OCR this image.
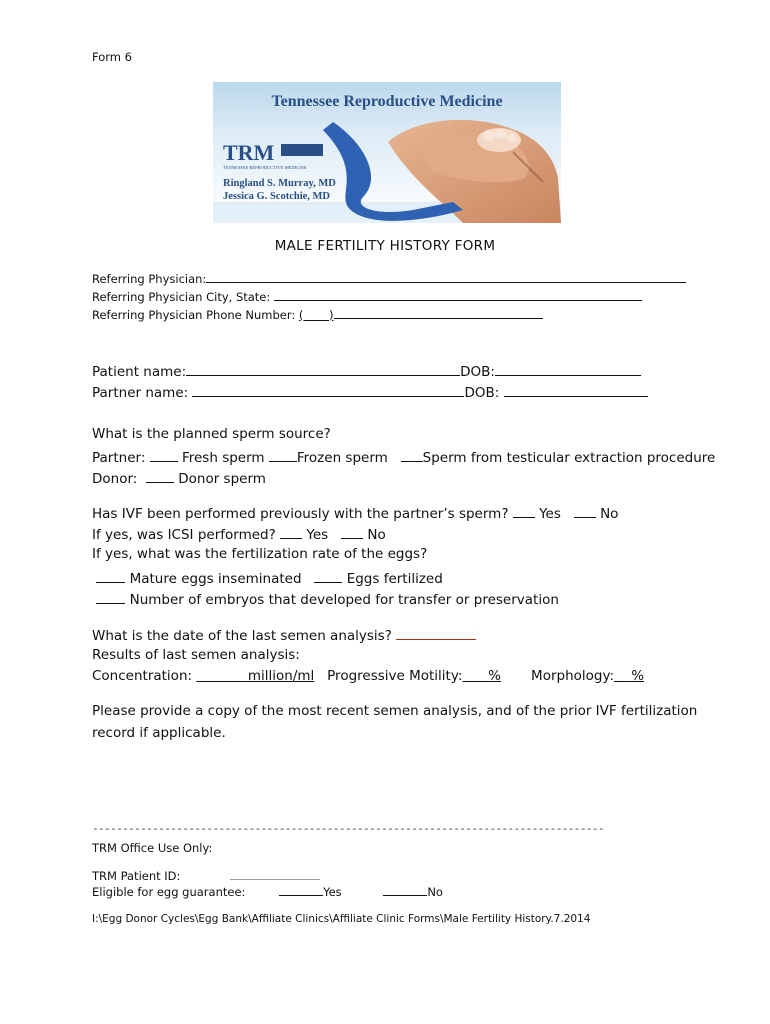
Form 6
Tennessee Reproductive Medicine
TRM
TENNESSEE REPRODUCTIVE MEDICINE
Ringland S. Murray, MD
Jessica G. Scotchie, MD
MALE FERTILITY HISTORY FORM
Referring Physician:
Referring Physician City, State:
Referring Physician Phone Number: ( )
Patient name:	DOB:
Partner name:	DOB:
What is the planned sperm source?
Partner:	Fresh sperm Frozen sperm	Sperm from testicular extraction procedure
Donor:	Donor sperm
Has IVF been performed previously with the partner’s sperm? Yes	No
If yes, was ICSI performed? Yes	No
If yes, what was the fertilization rate of the eggs?
Mature eggs inseminated	Eggs fertilized
Number of embryos that developed for transfer or preservation
What is the date of the last semen analysis?
Results of last semen analysis:
Concentration:	million/ml Progressive Motility: % Morphology: %
Please provide a copy of the most recent semen analysis, and of the prior IVF fertilization
record if applicable.
-------------------------------------------------------------------------------------
TRM Office Use Only:
TRM Patient ID:
Eligible for egg guarantee:	Yes	No
I:\Egg Donor Cycles\Egg Bank\Affiliate Clinics\Affiliate Clinic Forms\Male Fertility History.7.2014
